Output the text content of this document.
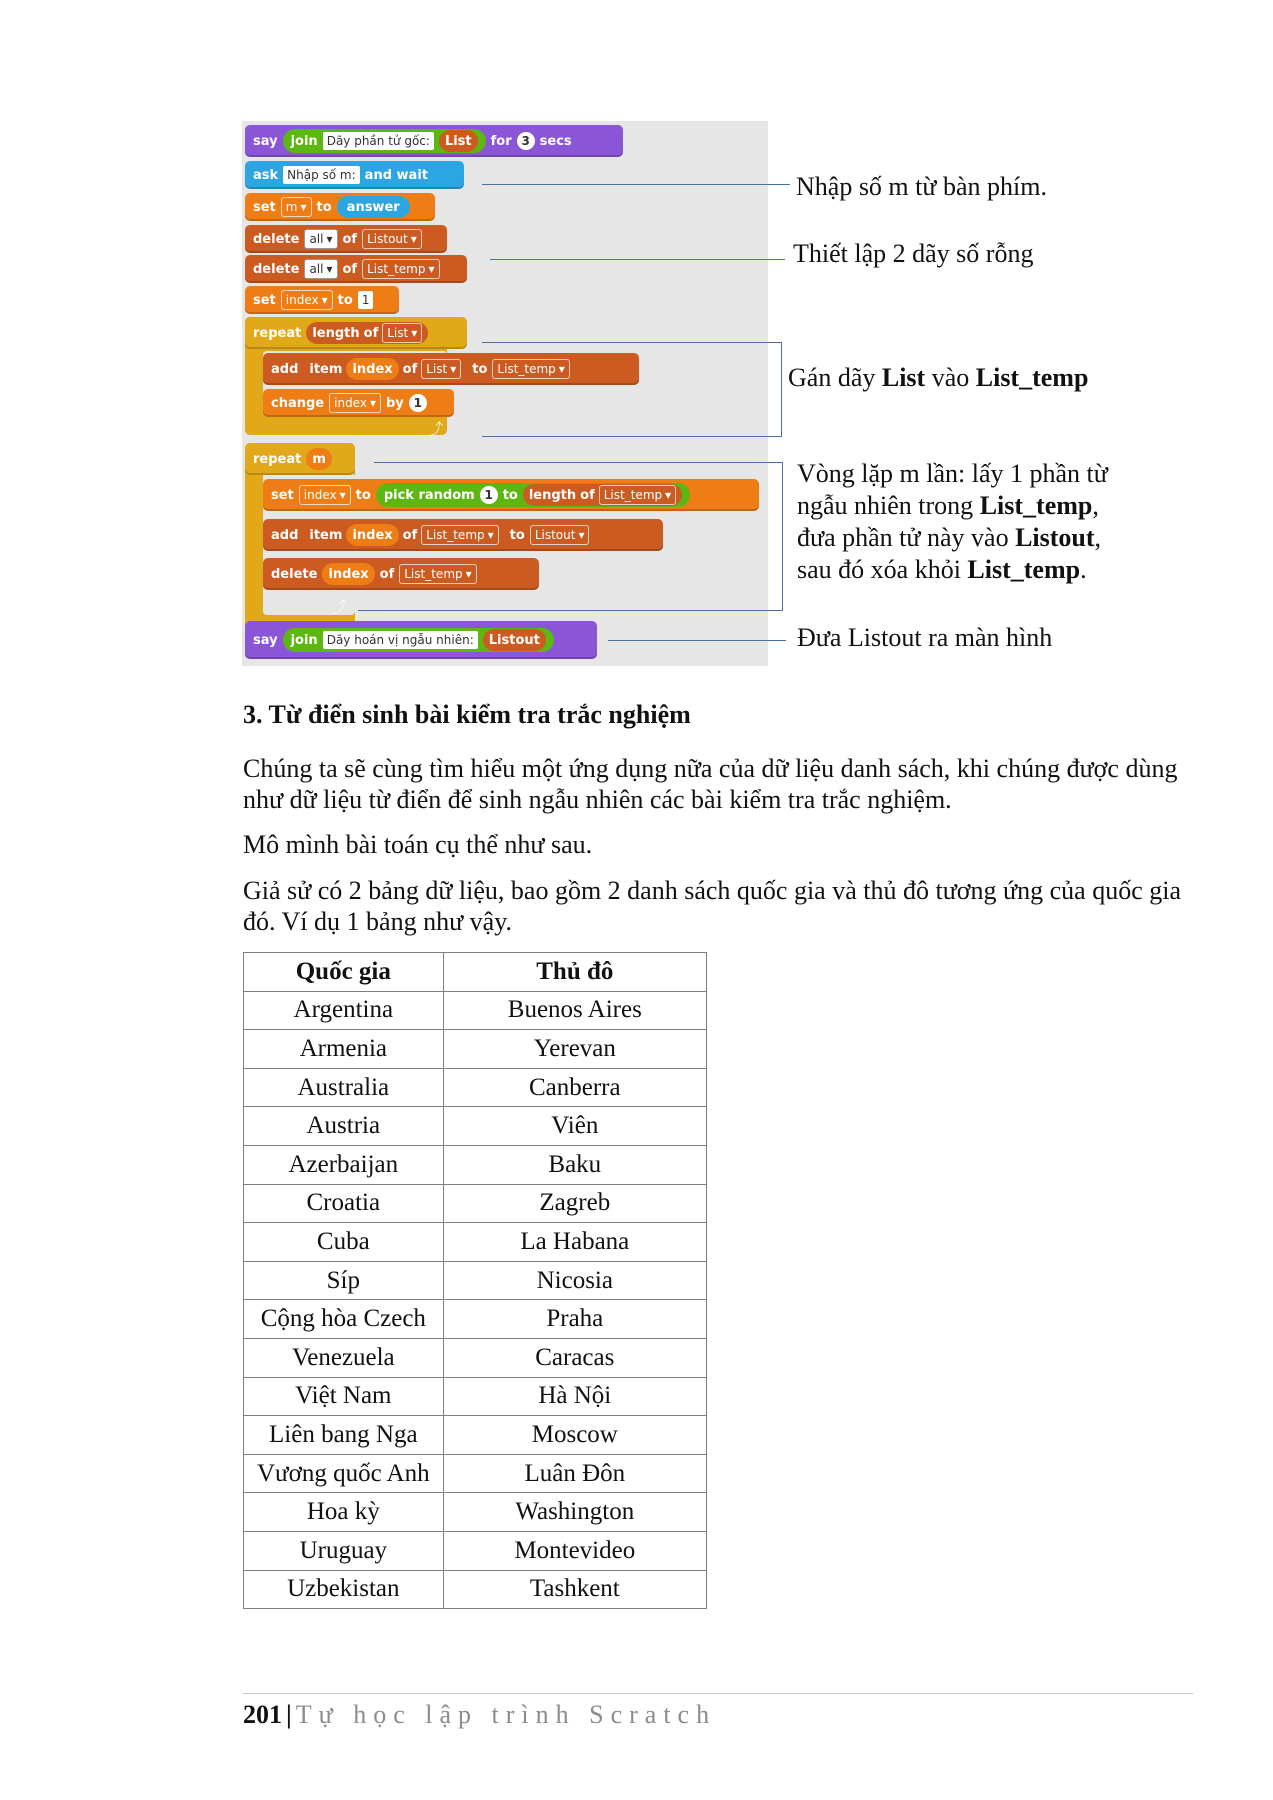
say join Dãy phần tử gốc:	List	for 3 secs
ask Nhập số m: and wait
set m ▾ to	answer
delete all ▾ of Listout ▾
delete all ▾ of List_temp ▾
set index ▾ to 1
repeat length of List ▾
add item index of List ▾ to List_temp ▾
change index ▾ by 1
⤴
repeat m
set index ▾ to pick random 1 to length of List_temp ▾
add item index of List_temp ▾ to Listout ▾
delete index of List_temp ▾
⤴
say join Dãy hoán vị ngẫu nhiên:	Listout
Nhập số m từ bàn phím.
Thiết lập 2 dãy số rỗng
Gán dãy List vào List_temp
Vòng lặp m lần: lấy 1 phần từ
ngẫu nhiên trong List_temp,
đưa phần tử này vào Listout,
sau đó xóa khỏi List_temp.
Đưa Listout ra màn hình
3. Từ điển sinh bài kiểm tra trắc nghiệm
Chúng ta sẽ cùng tìm hiểu một ứng dụng nữa của dữ liệu danh sách, khi chúng được dùng như dữ liệu từ điển để sinh ngẫu nhiên các bài kiểm tra trắc nghiệm.
Mô mình bài toán cụ thể như sau.
Giả sử có 2 bảng dữ liệu, bao gồm 2 danh sách quốc gia và thủ đô tương ứng của quốc gia đó. Ví dụ 1 bảng như vậy.
Quốc gia	Thủ đô
Argentina	Buenos Aires
Armenia	Yerevan
Australia	Canberra
Austria	Viên
Azerbaijan	Baku
Croatia	Zagreb
Cuba	La Habana
Síp	Nicosia
Cộng hòa Czech	Praha
Venezuela	Caracas
Việt Nam	Hà Nội
Liên bang Nga	Moscow
Vương quốc Anh	Luân Đôn
Hoa kỳ	Washington
Uruguay	Montevideo
Uzbekistan	Tashkent
201 | Tự học lập trình Scratch
